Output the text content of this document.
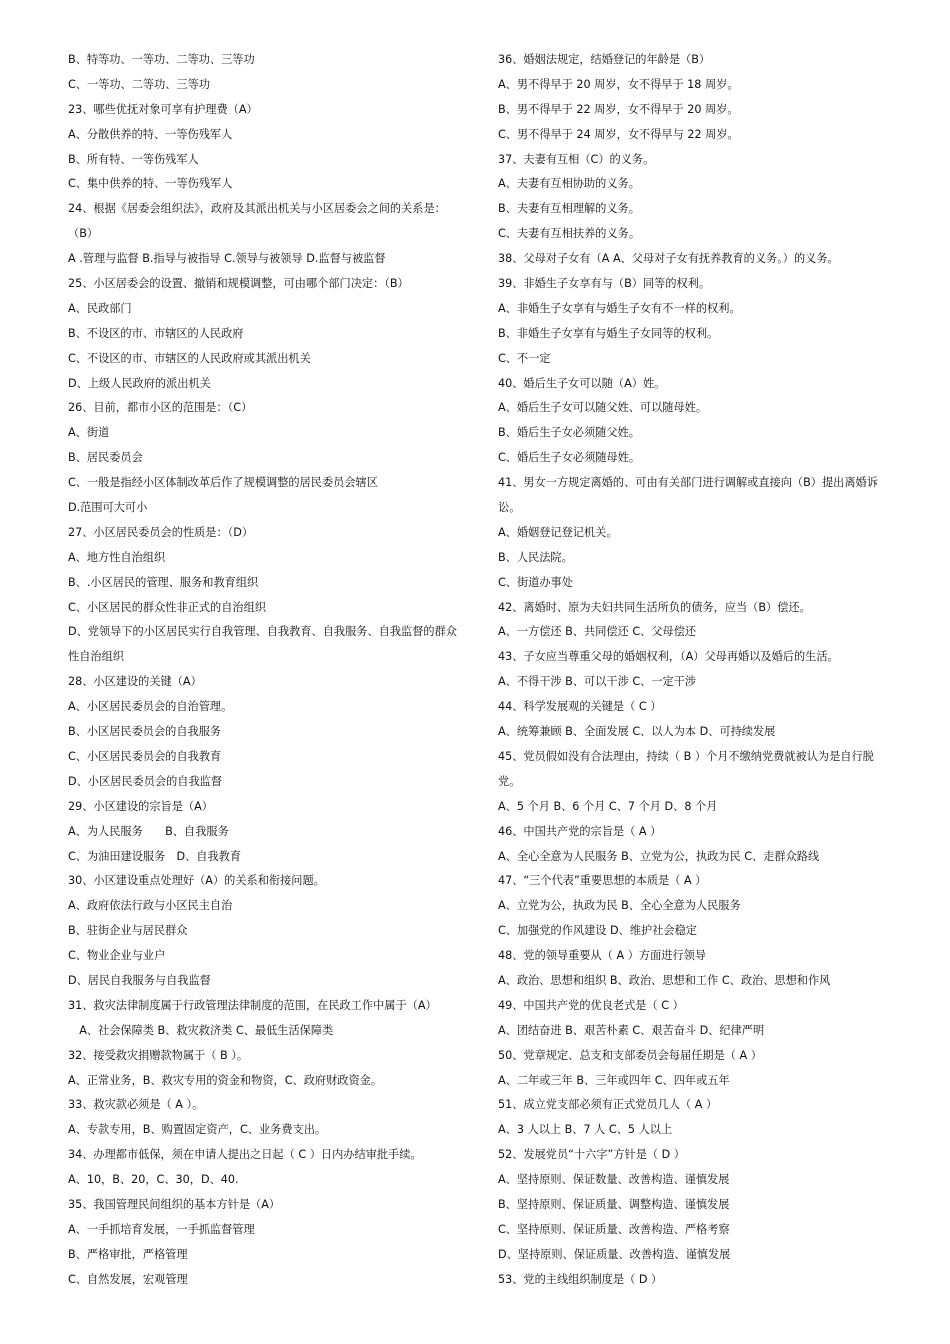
B、特等功、一等功、二等功、三等功
C、一等功、二等功、三等功
23、哪些优抚对象可享有护理费（A）
A、分散供养的特、一等伤残军人
B、所有特、一等伤残军人
C、集中供养的特、一等伤残军人
24、根据《居委会组织法》，政府及其派出机关与小区居委会之间的关系是：
（B）
A .管理与监督 B.指导与被指导 C.领导与被领导 D.监督与被监督
25、小区居委会的设置、撤销和规模调整，可由哪个部门决定：（B）
A、民政部门
B、不设区的市、市辖区的人民政府
C、不设区的市、市辖区的人民政府或其派出机关
D、上级人民政府的派出机关
26、目前，都市小区的范围是：（C）
A、街道
B、居民委员会
C、一般是指经小区体制改革后作了规模调整的居民委员会辖区
D.范围可大可小
27、小区居民委员会的性质是：（D）
A、地方性自治组织
B、.小区居民的管理、服务和教育组织
C、小区居民的群众性非正式的自治组织
D、党领导下的小区居民实行自我管理、自我教育、自我服务、自我监督的群众
性自治组织
28、小区建设的关键（A）
A、小区居民委员会的自治管理。
B、小区居民委员会的自我服务
C、小区居民委员会的自我教育
D、小区居民委员会的自我监督
29、小区建设的宗旨是（A）
A、为人民服务　　B、自我服务
C、为油田建设服务　D、自我教育
30、小区建设重点处理好（A）的关系和衔接问题。
A、政府依法行政与小区民主自治
B、驻街企业与居民群众
C、物业企业与业户
D、居民自我服务与自我监督
31、救灾法律制度属于行政管理法律制度的范围，在民政工作中属于（A）
　A、社会保障类 B、救灾救济类 C、最低生活保障类
32、接受救灾捐赠款物属于（ B ）。
A、正常业务，B、救灾专用的资金和物资，C、政府财政资金。
33、救灾款必须是（ A ）。
A、专款专用，B、购置固定资产，C、业务费支出。
34、办理都市低保，须在申请人提出之日起（ C ）日内办结审批手续。
A、10，B、20，C、30，D、40.
35、我国管理民间组织的基本方针是（A）
A、一手抓培育发展，一手抓监督管理
B、严格审批，严格管理
C、自然发展，宏观管理
36、婚姻法规定，结婚登记的年龄是（B）
A、男不得早于 20 周岁，女不得早于 18 周岁。
B、男不得早于 22 周岁，女不得早于 20 周岁。
C、男不得早于 24 周岁，女不得早与 22 周岁。
37、夫妻有互相（C）的义务。
A、夫妻有互相协助的义务。
B、夫妻有互相理解的义务。
C、夫妻有互相扶养的义务。
38、父母对子女有（A A、父母对子女有抚养教育的义务。）的义务。
39、非婚生子女享有与（B）同等的权利。
A、非婚生子女享有与婚生子女有不一样的权利。
B、非婚生子女享有与婚生子女同等的权利。
C、不一定
40、婚后生子女可以随（A）姓。
A、婚后生子女可以随父姓、可以随母姓。
B、婚后生子女必须随父姓。
C、婚后生子女必须随母姓。
41、男女一方规定离婚的、可由有关部门进行调解或直接向（B）提出离婚诉
讼。
A、婚姻登记登记机关。
B、人民法院。
C、街道办事处
42、离婚时、原为夫妇共同生活所负的债务，应当（B）偿还。
A、一方偿还 B、共同偿还 C、父母偿还
43、子女应当尊重父母的婚姻权利，（A）父母再婚以及婚后的生活。
A、不得干涉 B、可以干涉 C、一定干涉
44、科学发展观的关键是（ C ）
A、统筹兼顾 B、全面发展 C、以人为本 D、可持续发展
45、党员假如没有合法理由，持续（ B ）个月不缴纳党费就被认为是自行脱
党。
A、5 个月 B、6 个月 C、7 个月 D、8 个月
46、中国共产党的宗旨是（ A ）
A、全心全意为人民服务 B、立党为公，执政为民 C、走群众路线
47、“三个代表”重要思想的本质是（ A ）
A、立党为公，执政为民 B、全心全意为人民服务
C、加强党的作风建设 D、维护社会稳定
48、党的领导重要从（ A ）方面进行领导
A、政治、思想和组织 B、政治、思想和工作 C、政治、思想和作风
49、中国共产党的优良老式是（ C ）
A、团结奋进 B、艰苦朴素 C、艰苦奋斗 D、纪律严明
50、党章规定、总支和支部委员会每届任期是（ A ）
A、二年或三年 B、三年或四年 C、四年或五年
51、成立党支部必须有正式党员几人（ A ）
A、3 人以上 B、7 人 C、5 人以上
52、发展党员“十六字”方针是（ D ）
A、坚持原则、保证数量、改善构造、谨慎发展
B、坚持原则、保证质量、调整构造、谨慎发展
C、坚持原则、保证质量、改善构造、严格考察
D、坚持原则、保证质量、改善构造、谨慎发展
53、党的主线组织制度是（ D ）
